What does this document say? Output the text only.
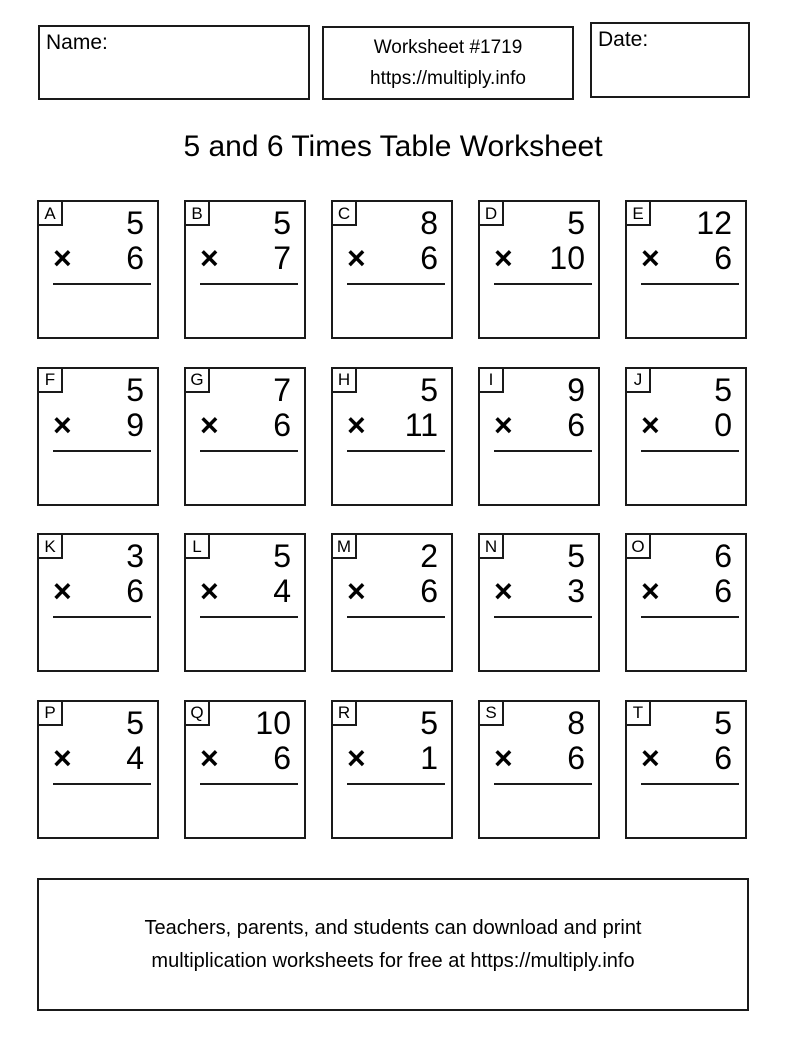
Name:	Worksheet #1719
https://multiply.info
Date:
5 and 6 Times Table Worksheet
A	5
× 6
B	5
× 7
C	8
× 6
D	5
× 10
E	12
× 6
F	5
× 9
G	7
× 6
H	5
× 11
I	9
× 6
J	5
× 0
K	3
× 6
L	5
× 4
M	2
× 6
N	5
× 3
O	6
× 6
P	5
× 4
Q	10
× 6
R	5
× 1
S	8
× 6
T	5
× 6
Teachers, parents, and students can download and print
multiplication worksheets for free at https://multiply.info
